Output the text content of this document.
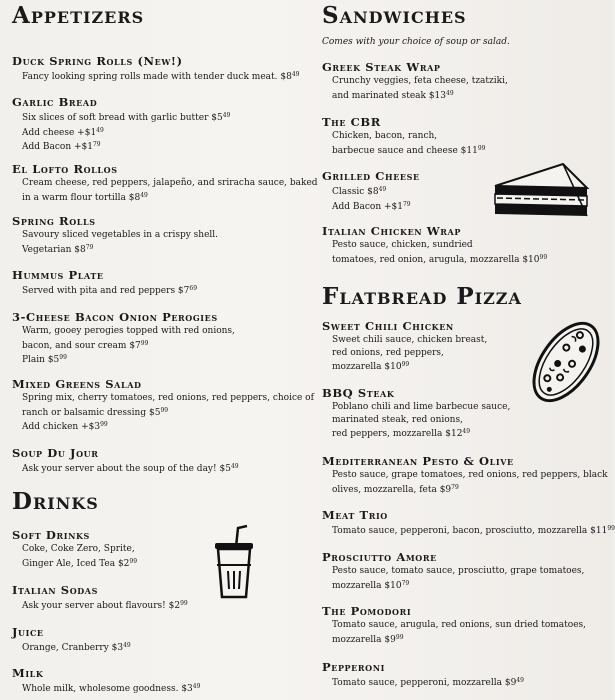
Appetizers
Duck Spring Rolls (New!)
Fancy looking spring rolls made with tender duck meat. $\$8^{49}$
Garlic Bread
Six slices of soft bread with garlic butter $\$5^{49}$
Add cheese $+\$1^{49}$
Add Bacon $+\$1^{79}$
El Lofto Rollos
Cream cheese, red peppers, jalapeño, and sriracha sauce, baked
in a warm flour tortilla $\$8^{49}$
Spring Rolls
Savoury sliced vegetables in a crispy shell.
Vegetarian $\$8^{79}$
Hummus Plate
Served with pita and red peppers $\$7^{69}$
3-Cheese Bacon Onion Perogies
Warm, gooey perogies topped with red onions,
bacon, and sour cream $\$7^{99}$
Plain $\$5^{99}$
Mixed Greens Salad
Spring mix, cherry tomatoes, red onions, red peppers, choice of
ranch or balsamic dressing $\$5^{99}$
Add chicken $+\$3^{99}$
Soup Du Jour
Ask your server about the soup of the day! $\$5^{49}$
Drinks
Soft Drinks
Coke, Coke Zero, Sprite,
Ginger Ale, Iced Tea $\$2^{99}$
Italian Sodas
Ask your server about flavours! $\$2^{99}$
Juice
Orange, Cranberry $\$3^{49}$
Milk
Whole milk, wholesome goodness. $\$3^{49}$
Sandwiches
Comes with your choice of soup or salad.
Greek Steak Wrap
Crunchy veggies, feta cheese, tzatziki,
and marinated steak $\$13^{49}$
The CBR
Chicken, bacon, ranch,
barbecue sauce and cheese $\$11^{99}$
Grilled Cheese
Classic $\$8^{49}$
Add Bacon $+\$1^{79}$
Italian Chicken Wrap
Pesto sauce, chicken, sundried
tomatoes, red onion, arugula, mozzarella $\$10^{99}$
Flatbread Pizza
Sweet Chili Chicken
Sweet chili sauce, chicken breast,
red onions, red peppers,
mozzarella $\$10^{99}$
BBQ Steak
Poblano chili and lime barbecue sauce,
marinated steak, red onions,
red peppers, mozzarella $\$12^{49}$
Mediterranean Pesto & Olive
Pesto sauce, grape tomatoes, red onions, red peppers, black
olives, mozzarella, feta $\$9^{79}$
Meat Trio
Tomato sauce, pepperoni, bacon, prosciutto, mozzarella $\$11^{99}$
Prosciutto Amore
Pesto sauce, tomato sauce, prosciutto, grape tomatoes,
mozzarella $\$10^{79}$
The Pomodori
Tomato sauce, arugula, red onions, sun dried tomatoes,
mozzarella $\$9^{99}$
Pepperoni
Tomato sauce, pepperoni, mozzarella $\$9^{49}$
